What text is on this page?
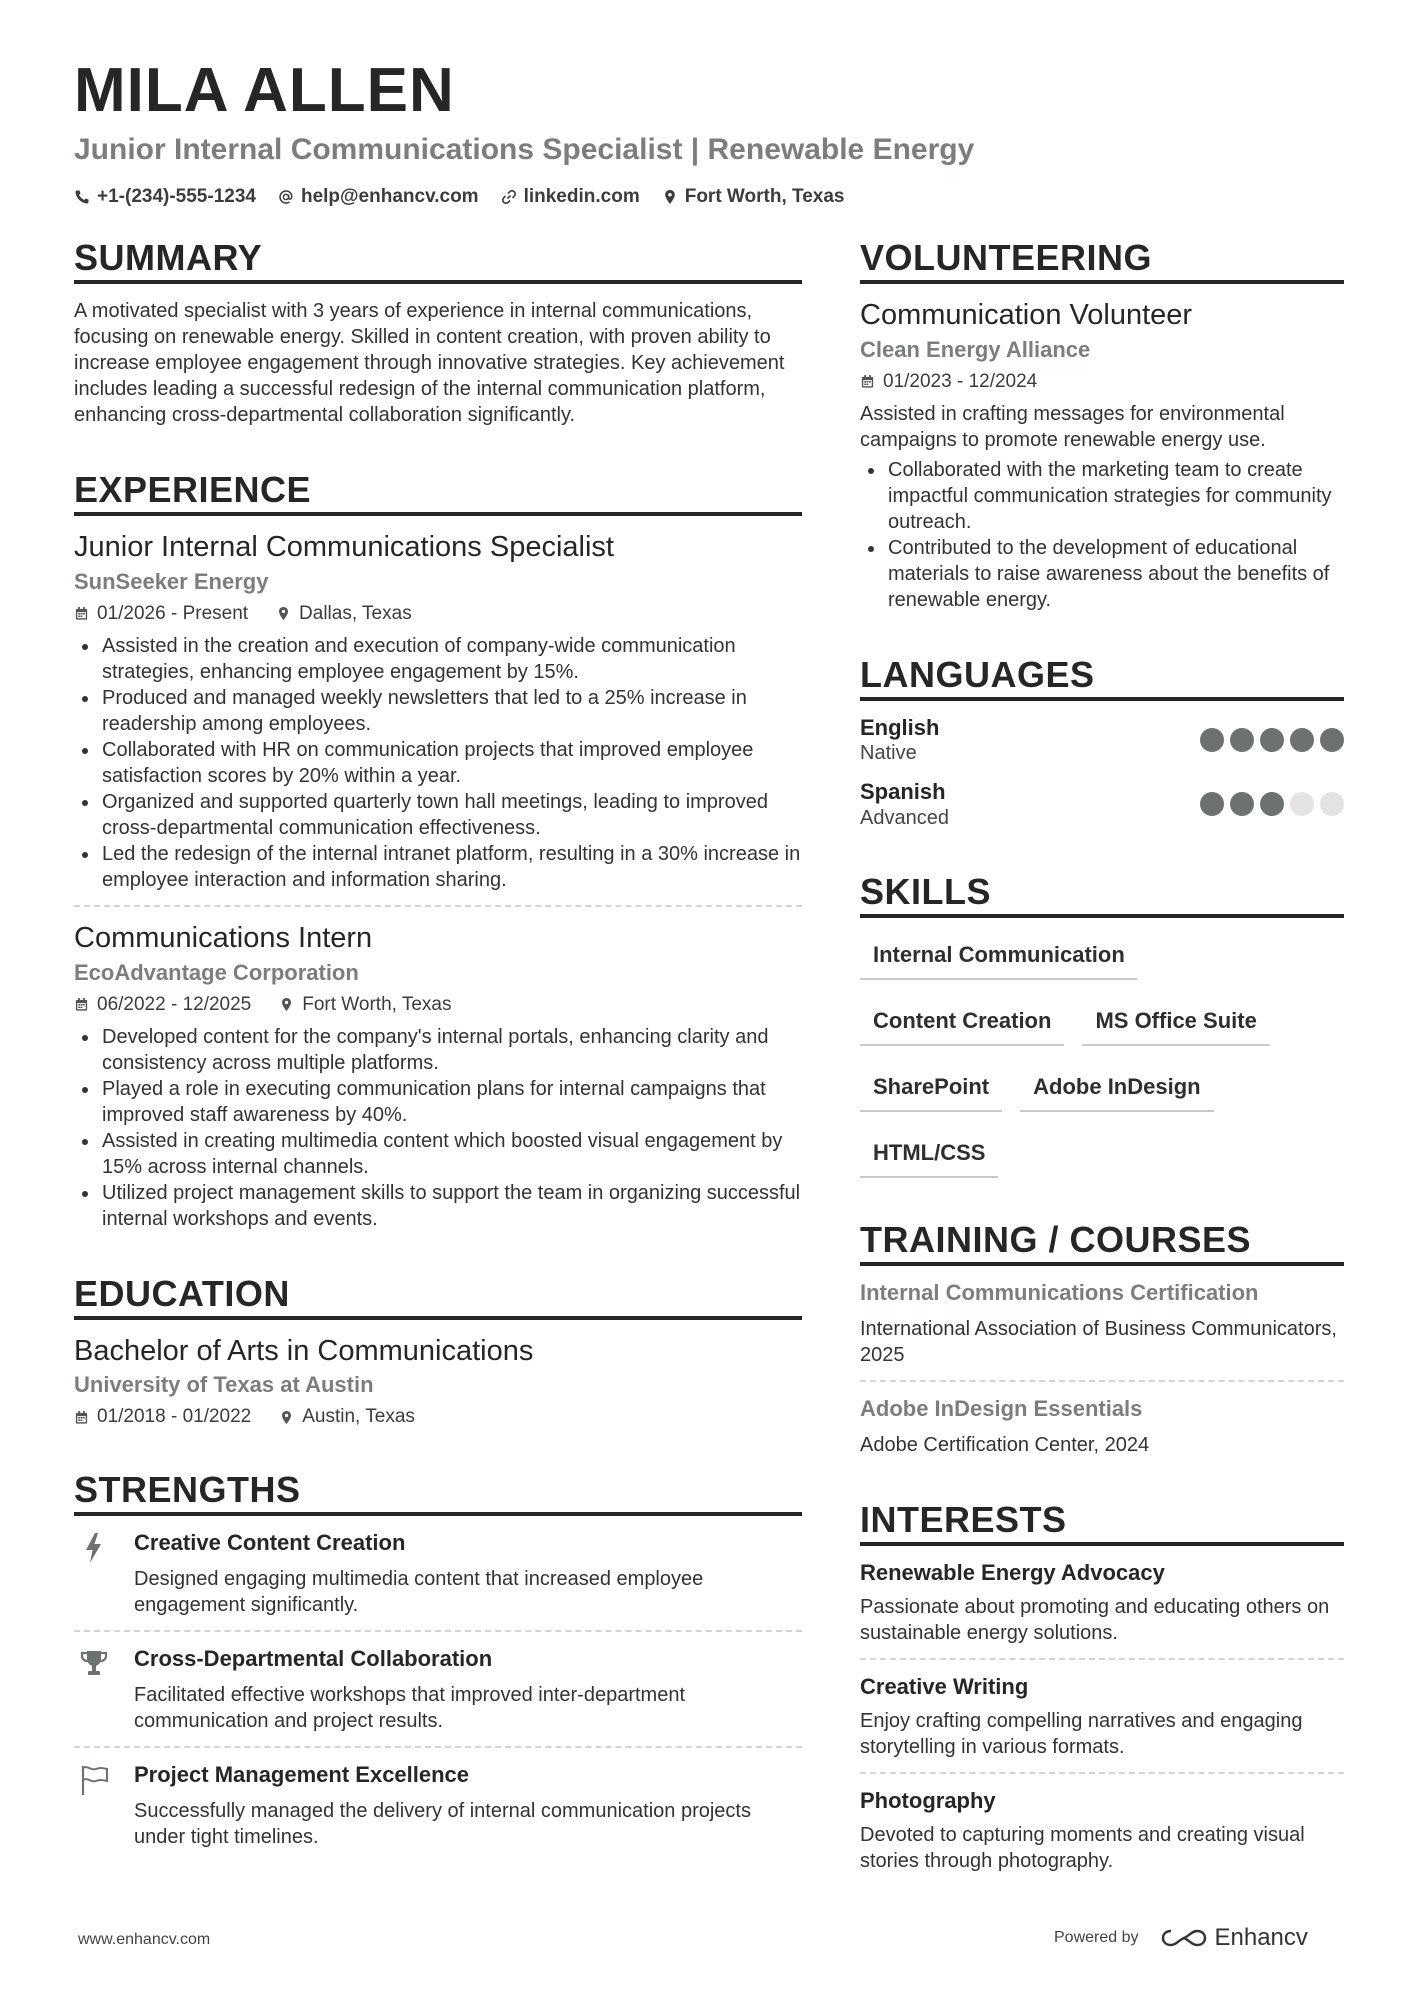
MILA ALLEN
Junior Internal Communications Specialist | Renewable Energy
+1-(234)-555-1234 help@enhancv.com linkedin.com Fort Worth, Texas
SUMMARY
A motivated specialist with 3 years of experience in internal communications, focusing on renewable energy. Skilled in content creation, with proven ability to increase employee engagement through innovative strategies. Key achievement includes leading a successful redesign of the internal communication platform, enhancing cross-departmental collaboration significantly.
EXPERIENCE
Junior Internal Communications Specialist
SunSeeker Energy
01/2026 - Present	Dallas, Texas
Assisted in the creation and execution of company-wide communication strategies, enhancing employee engagement by 15%.
Produced and managed weekly newsletters that led to a 25% increase in readership among employees.
Collaborated with HR on communication projects that improved employee satisfaction scores by 20% within a year.
Organized and supported quarterly town hall meetings, leading to improved cross-departmental communication effectiveness.
Led the redesign of the internal intranet platform, resulting in a 30% increase in employee interaction and information sharing.
Communications Intern
EcoAdvantage Corporation
06/2022 - 12/2025	Fort Worth, Texas
Developed content for the company's internal portals, enhancing clarity and consistency across multiple platforms.
Played a role in executing communication plans for internal campaigns that improved staff awareness by 40%.
Assisted in creating multimedia content which boosted visual engagement by 15% across internal channels.
Utilized project management skills to support the team in organizing successful internal workshops and events.
EDUCATION
Bachelor of Arts in Communications
University of Texas at Austin
01/2018 - 01/2022	Austin, Texas
STRENGTHS
Creative Content Creation
Designed engaging multimedia content that increased employee engagement significantly.
Cross-Departmental Collaboration
Facilitated effective workshops that improved inter-department communication and project results.
Project Management Excellence
Successfully managed the delivery of internal communication projects under tight timelines.
VOLUNTEERING
Communication Volunteer
Clean Energy Alliance
01/2023 - 12/2024
Assisted in crafting messages for environmental campaigns to promote renewable energy use.
Collaborated with the marketing team to create impactful communication strategies for community outreach.
Contributed to the development of educational materials to raise awareness about the benefits of renewable energy.
LANGUAGES
English
Native
Spanish
Advanced
SKILLS
Internal Communication
Content Creation	MS Office Suite
SharePoint	Adobe InDesign
HTML/CSS
TRAINING / COURSES
Internal Communications Certification
International Association of Business Communicators, 2025
Adobe InDesign Essentials
Adobe Certification Center, 2024
INTERESTS
Renewable Energy Advocacy
Passionate about promoting and educating others on sustainable energy solutions.
Creative Writing
Enjoy crafting compelling narratives and engaging storytelling in various formats.
Photography
Devoted to capturing moments and creating visual stories through photography.
www.enhancv.com	Powered by	Enhancv
